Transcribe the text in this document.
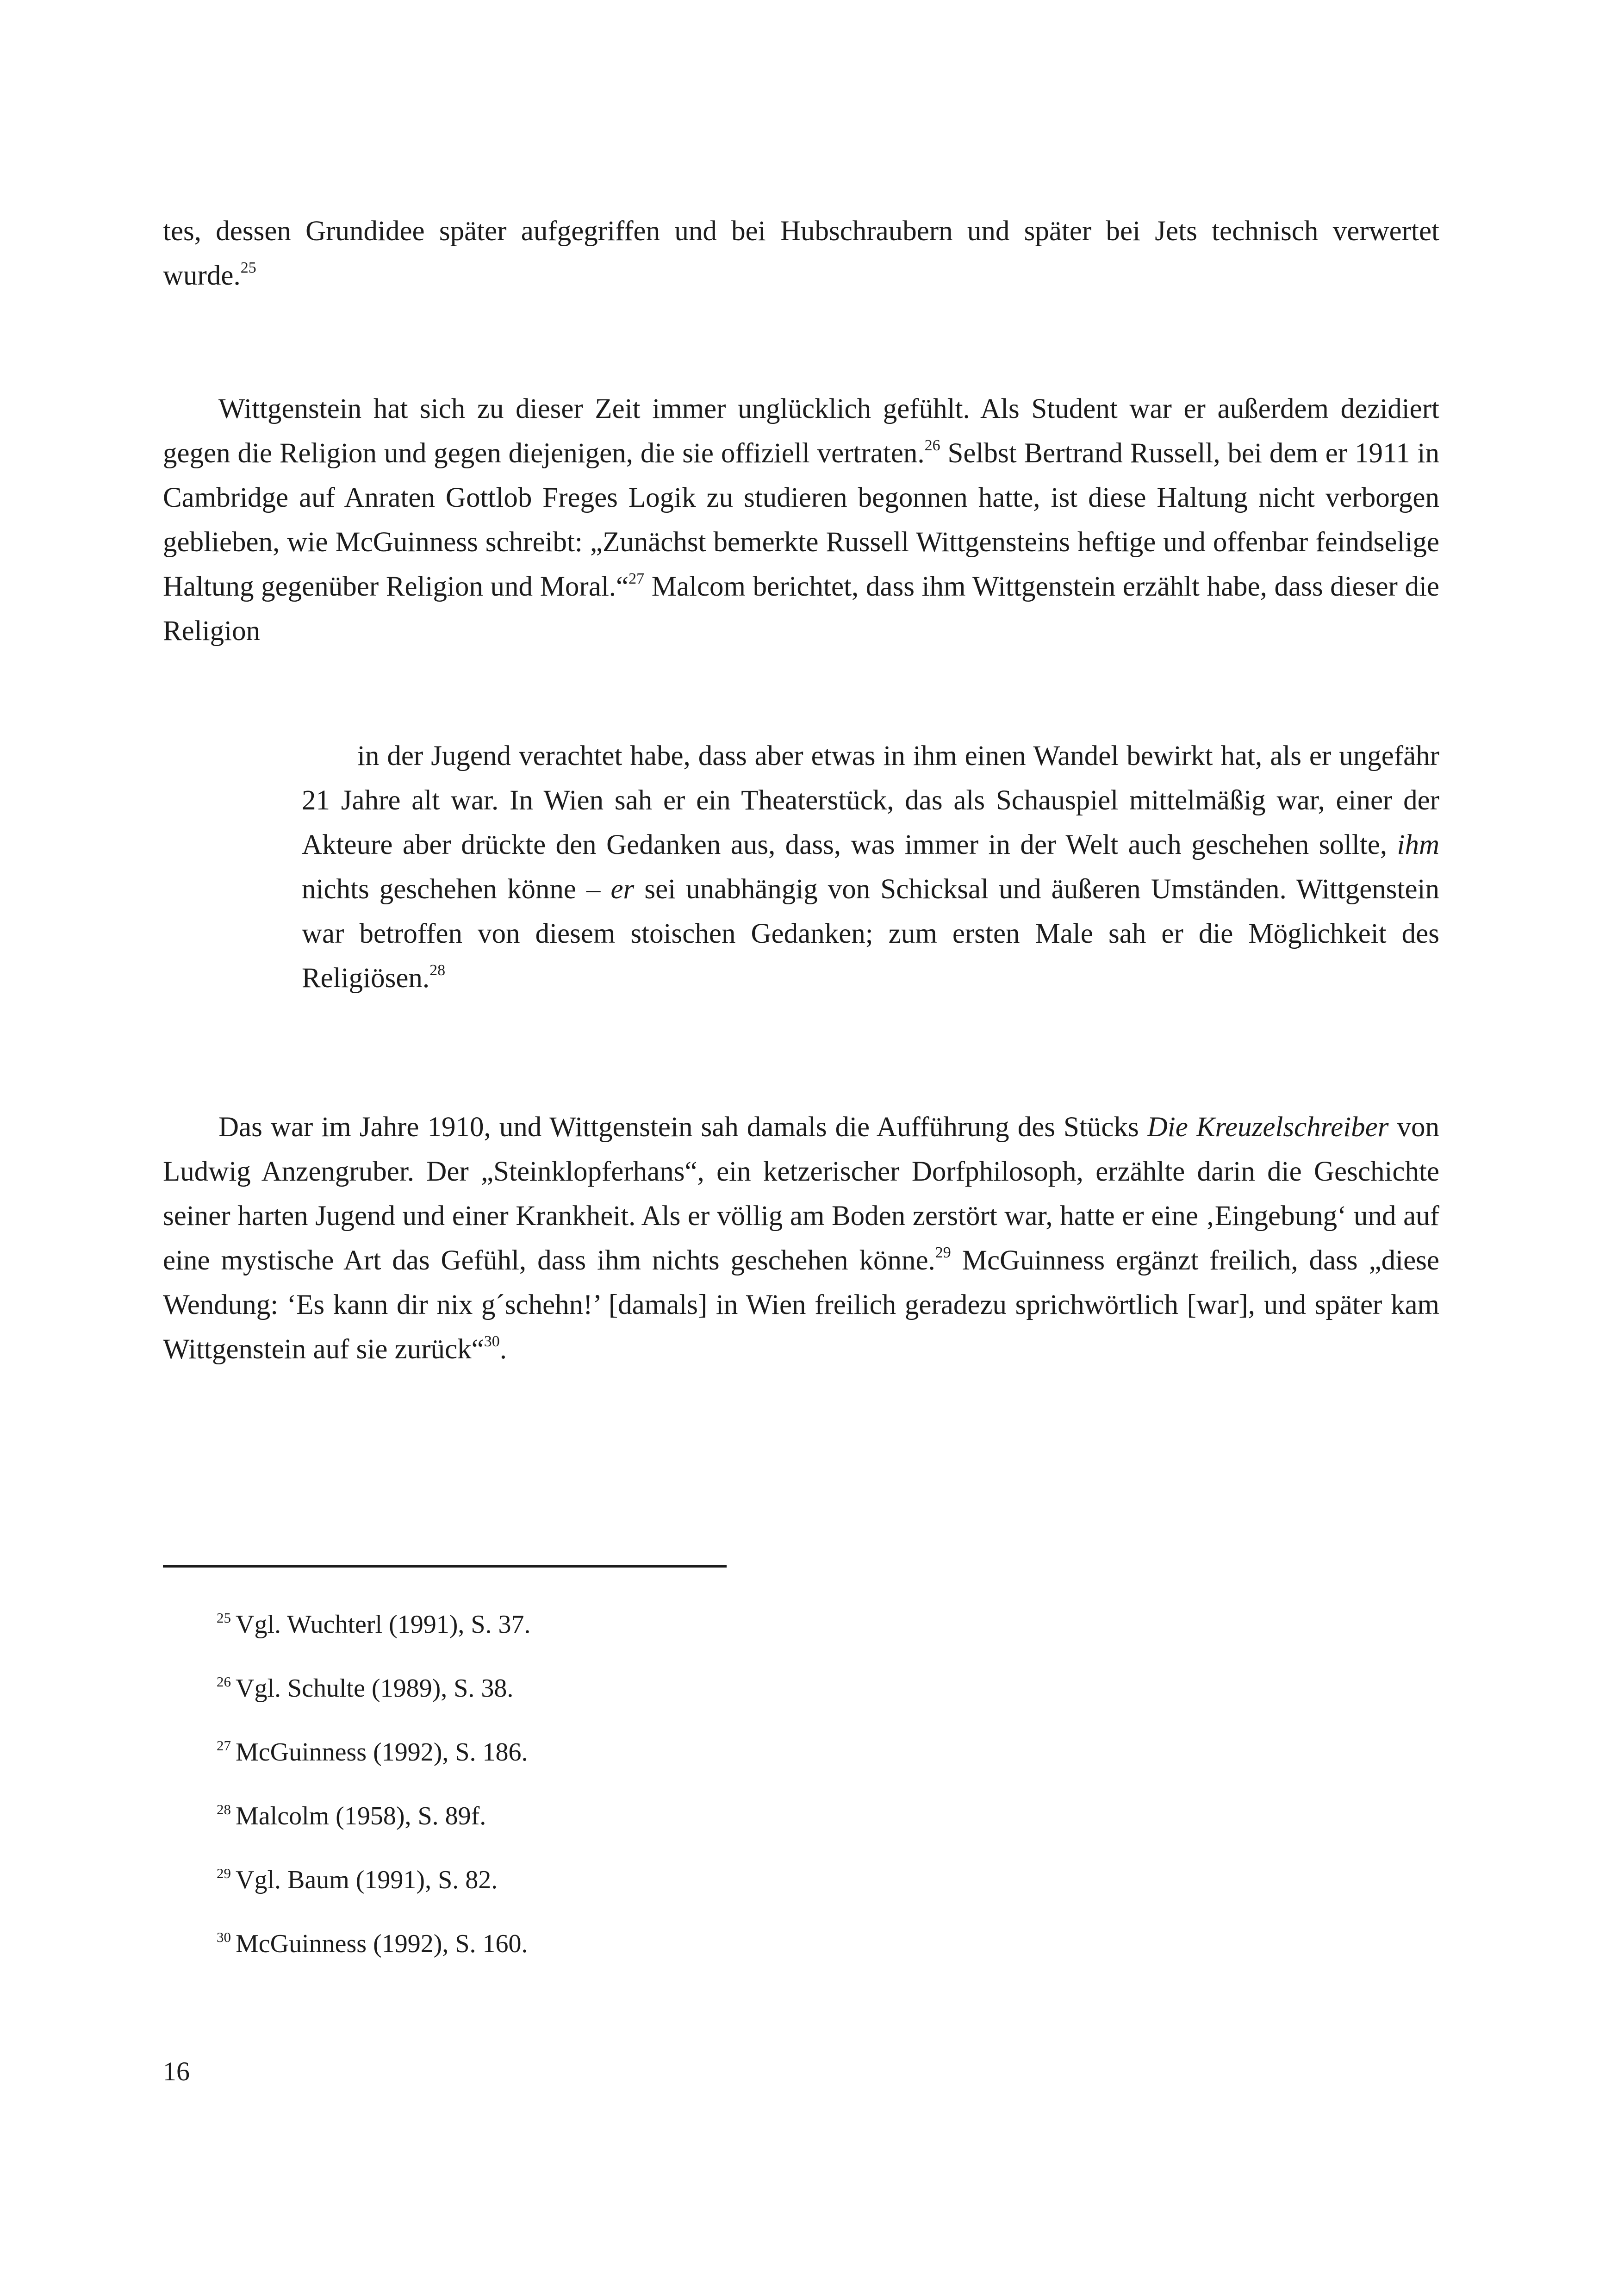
tes, dessen Grundidee später aufgegriffen und bei Hubschraubern und später bei Jets technisch verwertet wurde.$^{25}$

Wittgenstein hat sich zu dieser Zeit immer unglücklich gefühlt. Als Student war er außerdem dezidiert gegen die Religion und gegen diejenigen, die sie offiziell vertraten.$^{26}$ Selbst Bertrand Russell, bei dem er 1911 in Cambridge auf Anraten Gottlob Freges Logik zu studieren begonnen hatte, ist diese Haltung nicht verborgen geblieben, wie McGuinness schreibt: „Zunächst bemerkte Russell Wittgensteins heftige und offenbar feindselige Haltung gegenüber Religion und Moral.“$^{27}$ Malcom berichtet, dass ihm Wittgenstein erzählt habe, dass dieser die Religion

in der Jugend verachtet habe, dass aber etwas in ihm einen Wandel bewirkt hat, als er ungefähr 21 Jahre alt war. In Wien sah er ein Theaterstück, das als Schauspiel mittelmäßig war, einer der Akteure aber drückte den Gedanken aus, dass, was immer in der Welt auch geschehen sollte, ihm nichts geschehen könne – er sei unabhängig von Schicksal und äußeren Umständen. Wittgenstein war betroffen von diesem stoischen Gedanken; zum ersten Male sah er die Möglichkeit des Religiösen.$^{28}$

Das war im Jahre 1910, und Wittgenstein sah damals die Aufführung des Stücks Die Kreuzelschreiber von Ludwig Anzengruber. Der „Steinklopferhans“, ein ketzerischer Dorfphilosoph, erzählte darin die Geschichte seiner harten Jugend und einer Krankheit. Als er völlig am Boden zerstört war, hatte er eine ‚Eingebung‘ und auf eine mystische Art das Gefühl, dass ihm nichts geschehen könne.$^{29}$ McGuinness ergänzt freilich, dass „diese Wendung: ‘Es kann dir nix g´schehn!’ [damals] in Wien freilich geradezu sprichwörtlich [war], und später kam Wittgenstein auf sie zurück“$^{30}$.

$^{25}$ Vgl. Wuchterl (1991), S. 37.

$^{26}$ Vgl. Schulte (1989), S. 38.

$^{27}$ McGuinness (1992), S. 186.

$^{28}$ Malcolm (1958), S. 89f.

$^{29}$ Vgl. Baum (1991), S. 82.

$^{30}$ McGuinness (1992), S. 160.

16
